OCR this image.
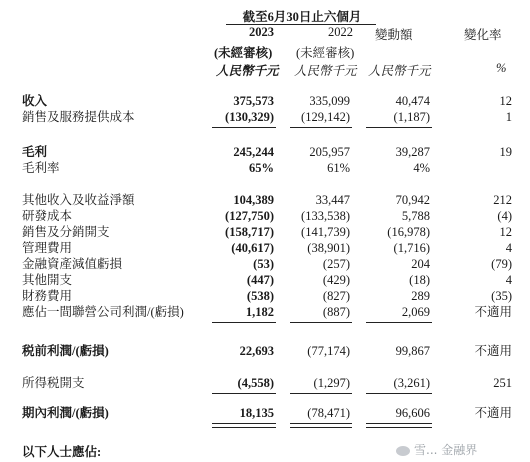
截至6月30日止六個月
2023	2022 變動額	變化率
(未經審核) (未經審核)
人民幣千元 人民幣千元 人民幣千元	%
收入	375,573	335,099	40,474	12
銷售及服務提供成本	(130,329)	(129,142)	(1,187)	1
毛利	245,244	205,957	39,287	19
毛利率	65%	61%	4%
其他收入及收益淨額	104,389	33,447	70,942	212
研發成本	(127,750)	(133,538)	5,788	(4)
銷售及分銷開支	(158,717)	(141,739)	(16,978)	12
管理費用	(40,617)	(38,901)	(1,716)	4
金融資產減值虧損	(53)	(257)	204	(79)
其他開支	(447)	(429)	(18)	4
財務費用	(538)	(827)	289	(35)
應佔一間聯營公司利潤/(虧損)	1,182	(887)	2,069	不適用
税前利潤/(虧損)	22,693	(77,174)	99,867	不適用
所得税開支	(4,558)	(1,297)	(3,261)	251
期內利潤/(虧損)	18,135	(78,471)	96,606	不適用
以下人士應佔:	雪... 金融界
